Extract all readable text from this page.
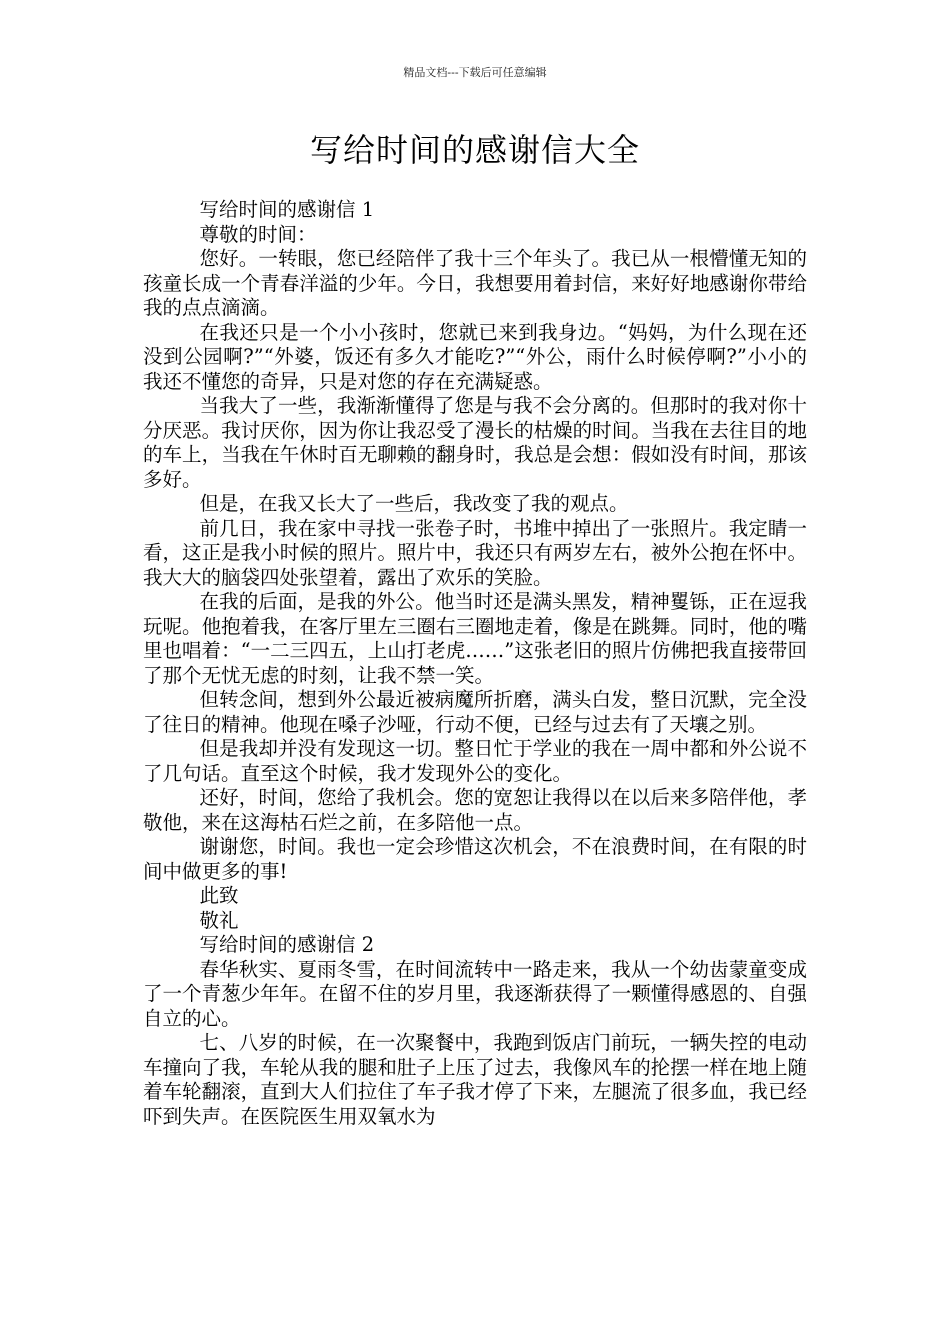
精品文档---下载后可任意编辑
写给时间的感谢信大全

写给时间的感谢信 1

尊敬的时间：

您好。一转眼，您已经陪伴了我十三个年头了。我已从一根懵懂无知的孩童长成一个青春洋溢的少年。今日，我想要用着封信，来好好地感谢你带给我的点点滴滴。

在我还只是一个小小孩时，您就已来到我身边。“妈妈，为什么现在还没到公园啊?”“外婆，饭还有多久才能吃?”“外公，雨什么时候停啊?”小小的我还不懂您的奇异，只是对您的存在充满疑惑。

当我大了一些，我渐渐懂得了您是与我不会分离的。但那时的我对你十分厌恶。我讨厌你，因为你让我忍受了漫长的枯燥的时间。当我在去往目的地的车上，当我在午休时百无聊赖的翻身时，我总是会想：假如没有时间，那该多好。

但是，在我又长大了一些后，我改变了我的观点。

前几日，我在家中寻找一张卷子时，书堆中掉出了一张照片。我定睛一看，这正是我小时候的照片。照片中，我还只有两岁左右，被外公抱在怀中。我大大的脑袋四处张望着，露出了欢乐的笑脸。

在我的后面，是我的外公。他当时还是满头黑发，精神矍铄，正在逗我玩呢。他抱着我，在客厅里左三圈右三圈地走着，像是在跳舞。同时，他的嘴里也唱着：“一二三四五，上山打老虎……”这张老旧的照片仿佛把我直接带回了那个无忧无虑的时刻，让我不禁一笑。

但转念间，想到外公最近被病魔所折磨，满头白发，整日沉默，完全没了往日的精神。他现在嗓子沙哑，行动不便，已经与过去有了天壤之别。

但是我却并没有发现这一切。整日忙于学业的我在一周中都和外公说不了几句话。直至这个时候，我才发现外公的变化。

还好，时间，您给了我机会。您的宽恕让我得以在以后来多陪伴他，孝敬他，来在这海枯石烂之前，在多陪他一点。

谢谢您，时间。我也一定会珍惜这次机会，不在浪费时间，在有限的时间中做更多的事!

此致

敬礼

写给时间的感谢信 2

春华秋实、夏雨冬雪，在时间流转中一路走来，我从一个幼齿蒙童变成了一个青葱少年年。在留不住的岁月里，我逐渐获得了一颗懂得感恩的、自强自立的心。

七、八岁的时候，在一次聚餐中，我跑到饭店门前玩，一辆失控的电动车撞向了我，车轮从我的腿和肚子上压了过去，我像风车的抡摆一样在地上随着车轮翻滚，直到大人们拉住了车子我才停了下来，左腿流了很多血，我已经吓到失声。在医院医生用双氧水为
